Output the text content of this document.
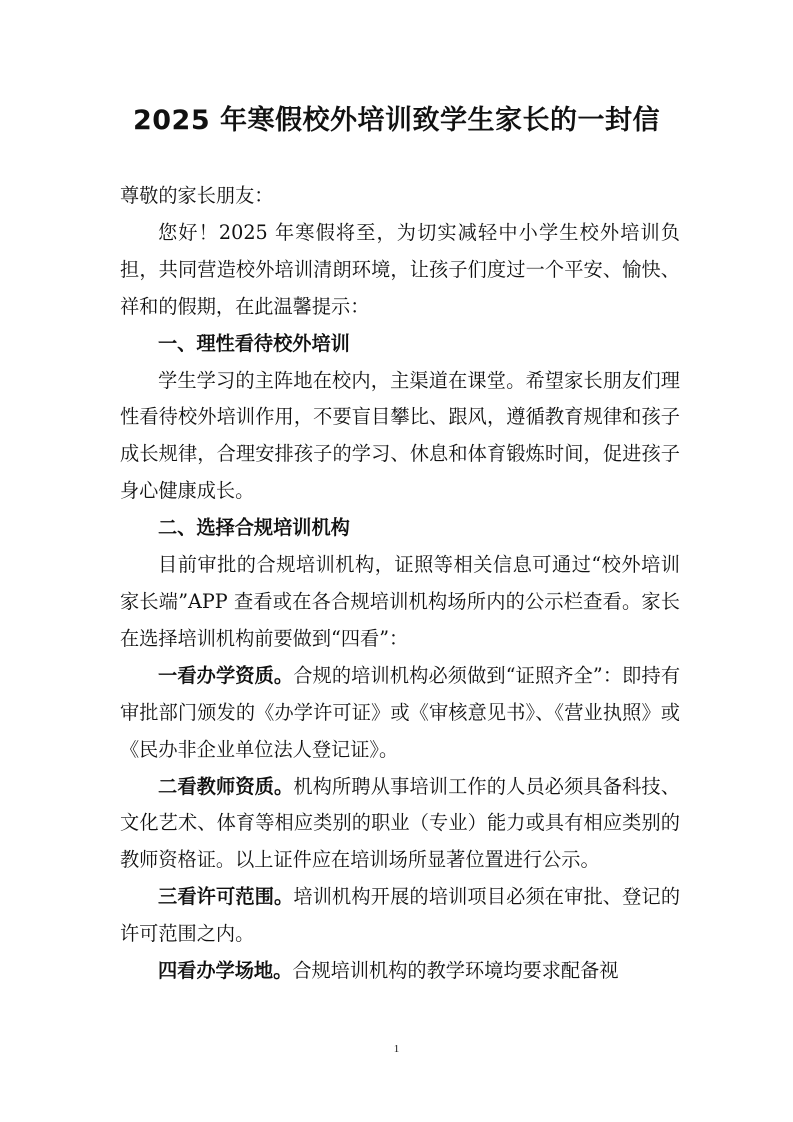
2025 年寒假校外培训致学生家长的一封信

尊敬的家长朋友：

您好！2025 年寒假将至，为切实减轻中小学生校外培训负担，共同营造校外培训清朗环境，让孩子们度过一个平安、愉快、祥和的假期，在此温馨提示：

一、理性看待校外培训

学生学习的主阵地在校内，主渠道在课堂。希望家长朋友们理性看待校外培训作用，不要盲目攀比、跟风，遵循教育规律和孩子成长规律，合理安排孩子的学习、休息和体育锻炼时间，促进孩子身心健康成长。

二、选择合规培训机构

目前审批的合规培训机构，证照等相关信息可通过“校外培训家长端”APP 查看或在各合规培训机构场所内的公示栏查看。家长在选择培训机构前要做到“四看”：

一看办学资质。合规的培训机构必须做到“证照齐全”：即持有审批部门颁发的《办学许可证》或《审核意见书》、《营业执照》或《民办非企业单位法人登记证》。

二看教师资质。机构所聘从事培训工作的人员必须具备科技、文化艺术、体育等相应类别的职业（专业）能力或具有相应类别的教师资格证。以上证件应在培训场所显著位置进行公示。

三看许可范围。培训机构开展的培训项目必须在审批、登记的许可范围之内。

四看办学场地。合规培训机构的教学环境均要求配备视

1
